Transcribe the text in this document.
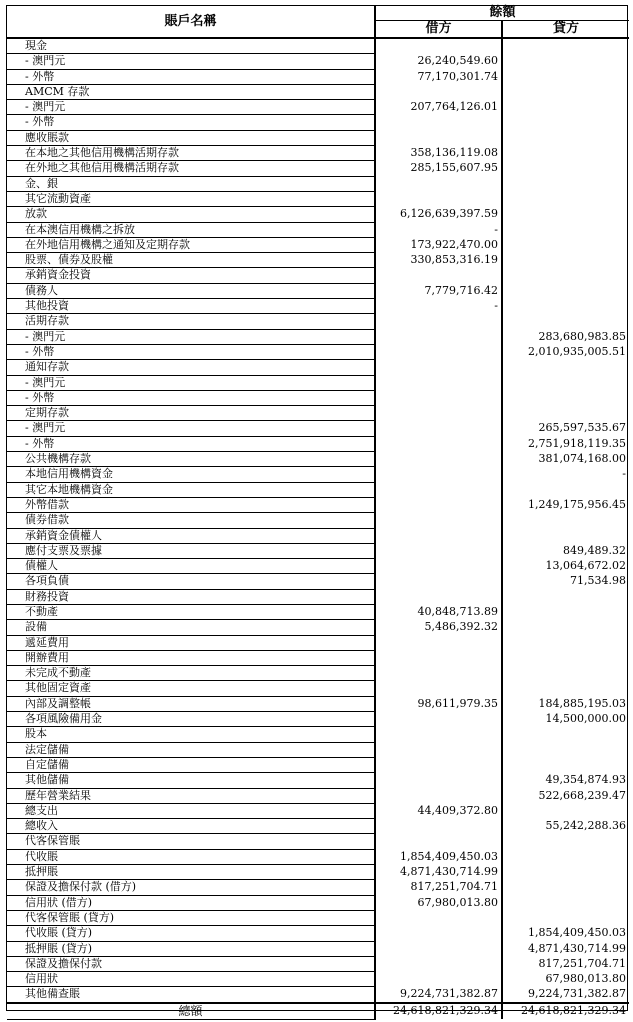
賬戶名稱	餘額	
	借方	貸方
現金		
- 澳門元	26,240,549.60	
- 外幣	77,170,301.74	
AMCM 存款		
- 澳門元	207,764,126.01	
- 外幣		
應收賬款		
在本地之其他信用機構活期存款	358,136,119.08	
在外地之其他信用機構活期存款	285,155,607.95	
金、銀		
其它流動資產		
放款	6,126,639,397.59	
在本澳信用機構之拆放	-	
在外地信用機構之通知及定期存款	173,922,470.00	
股票、債券及股權	330,853,316.19	
承銷資金投資		
債務人	7,779,716.42	
其他投資	-	
活期存款		
- 澳門元		283,680,983.85
- 外幣		2,010,935,005.51
通知存款		
- 澳門元		
- 外幣		
定期存款		
- 澳門元		265,597,535.67
- 外幣		2,751,918,119.35
公共機構存款		381,074,168.00
本地信用機構資金		-
其它本地機構資金		
外幣借款		1,249,175,956.45
債券借款		
承銷資金債權人		
應付支票及票據		849,489.32
債權人		13,064,672.02
各項負債		71,534.98
財務投資		
不動產	40,848,713.89	
設備	5,486,392.32	
遞延費用		
開辦費用		
未完成不動產		
其他固定資產		
內部及調整帳	98,611,979.35	184,885,195.03
各項風險備用金		14,500,000.00
股本		
法定儲備		
自定儲備		
其他儲備		49,354,874.93
歷年營業結果		522,668,239.47
總支出	44,409,372.80	
總收入		55,242,288.36
代客保管賬		
代收賬	1,854,409,450.03	
抵押賬	4,871,430,714.99	
保證及擔保付款 (借方)	817,251,704.71	
信用狀 (借方)	67,980,013.80	
代客保管賬 (貸方)		
代收賬 (貸方)		1,854,409,450.03
抵押賬 (貸方)		4,871,430,714.99
保證及擔保付款		817,251,704.71
信用狀		67,980,013.80
其他備查賬	9,224,731,382.87	9,224,731,382.87
總額	24,618,821,329.34	24,618,821,329.34
